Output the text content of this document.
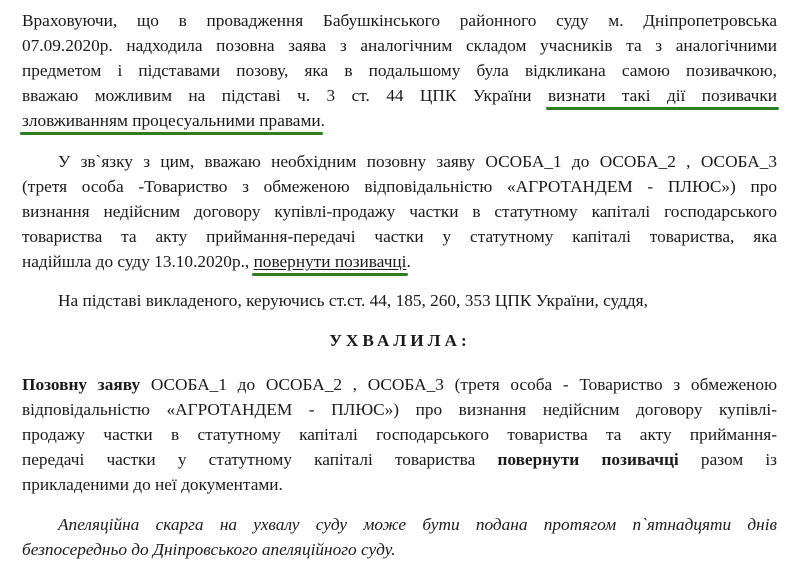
Враховуючи, що в провадження Бабушкінського районного суду м. Дніпропетровська
07.09.2020р. надходила позовна заява з аналогічним складом учасників та з аналогічними
предметом і підставами позову, яка в подальшому була відкликана самою позивачкою,
вважаю можливим на підставі ч. 3 ст. 44 ЦПК України визнати такі дії позивачки
зловживанням процесуальними правами.
У зв`язку з цим, вважаю необхідним позовну заяву ОСОБА_1 до ОСОБА_2 , ОСОБА_3
(третя особа -Товариство з обмеженою відповідальністю «АГРОТАНДЕМ - ПЛЮС») про
визнання недійсним договору купівлі-продажу частки в статутному капіталі господарського
товариства та акту приймання-передачі частки у статутному капіталі товариства, яка
надійшла до суду 13.10.2020р., повернути позивачці.
На підставі викладеного, керуючись ст.ст. 44, 185, 260, 353 ЦПК України, суддя,
УХВАЛИЛА:
Позовну заяву ОСОБА_1 до ОСОБА_2 , ОСОБА_3 (третя особа - Товариство з обмеженою
відповідальністю «АГРОТАНДЕМ - ПЛЮС») про визнання недійсним договору купівлі-
продажу частки в статутному капіталі господарського товариства та акту приймання-
передачі частки у статутному капіталі товариства повернути позивачці разом із
прикладеними до неї документами.
Апеляційна скарга на ухвалу суду може бути подана протягом п`ятнадцяти днів
безпосередньо до Дніпровського апеляційного суду.
